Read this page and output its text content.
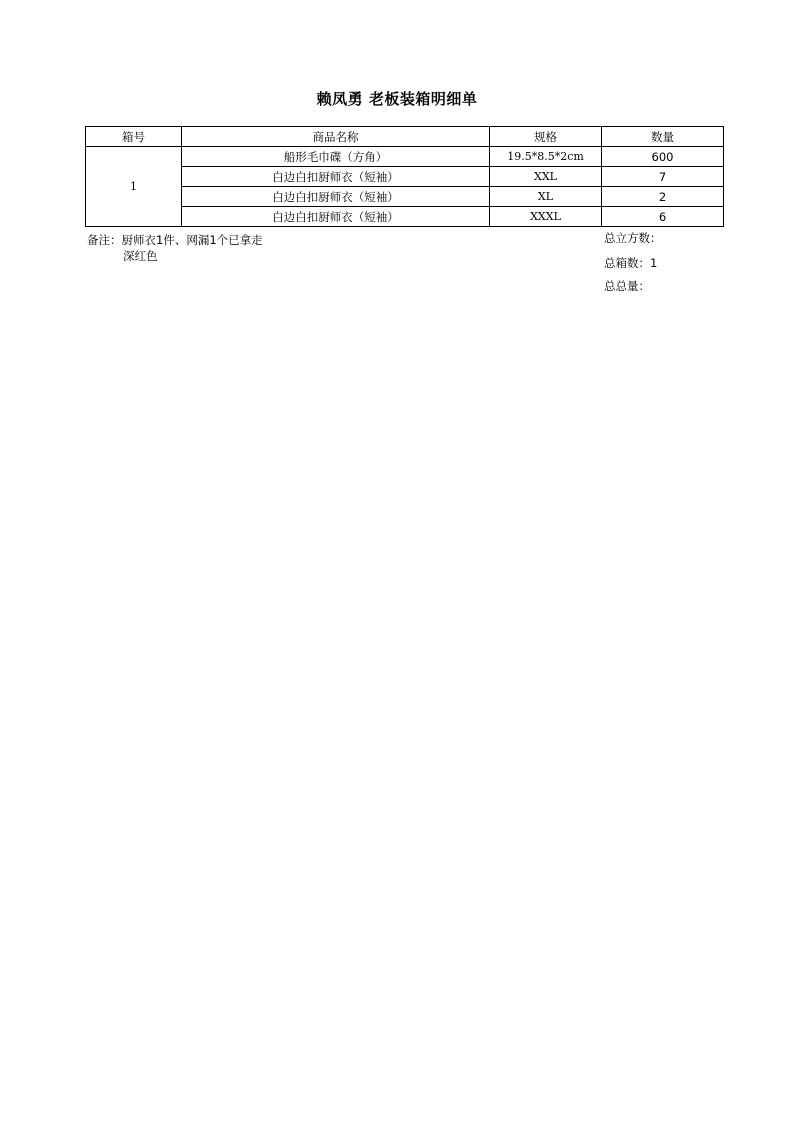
赖凤勇 老板装箱明细单
箱号	商品名称	规格	数量
1	船形毛巾碟（方角）	19.5*8.5*2cm	600
	白边白扣厨师衣（短袖）	XXL	7
	白边白扣厨师衣（短袖）	XL	2
	白边白扣厨师衣（短袖）	XXXL	6
备注：厨师衣1件、网漏1个已拿走
深红色
总立方数：
总箱数：1
总总量：
